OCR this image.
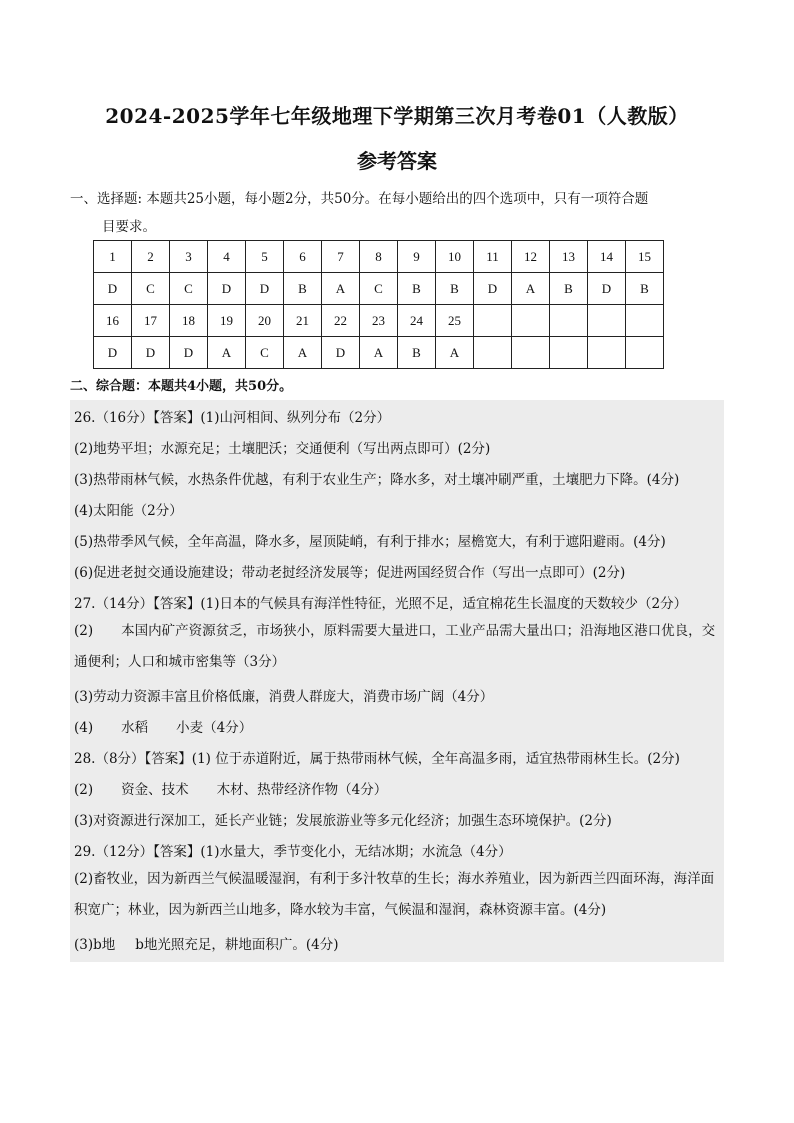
2024-2025学年七年级地理下学期第三次月考卷01（人教版）
参考答案
一、选择题: 本题共25小题，每小题2分，共50分。在每小题给出的四个选项中，只有一项符合题
目要求。
1	2	3	4	5	6	7	8	9	10	11	12	13	14	15
D	C	C	D	D	B	A	C	B	B	D	A	B	D	B
16	17	18	19	20	21	22	23	24	25					
D	D	D	A	C	A	D	A	B	A					
二、综合题：本题共4小题，共50分。
26.（16分）【答案】(1)山河相间、纵列分布（2分）
(2)地势平坦；水源充足；土壤肥沃；交通便利（写出两点即可）(2分)
(3)热带雨林气候，水热条件优越，有利于农业生产；降水多，对土壤冲刷严重，土壤肥力下降。(4分)
(4)太阳能（2分）
(5)热带季风气候，全年高温，降水多，屋顶陡峭，有利于排水；屋檐宽大，有利于遮阳避雨。(4分)
(6)促进老挝交通设施建设；带动老挝经济发展等；促进两国经贸合作（写出一点即可）(2分)
27.（14分）【答案】(1)日本的气候具有海洋性特征，光照不足，适宜棉花生长温度的天数较少（2分）
(2) 本国内矿产资源贫乏，市场狭小，原料需要大量进口，工业产品需大量出口；沿海地区港口优良，交通便利；人口和城市密集等（3分）
(3)劳动力资源丰富且价格低廉，消费人群庞大，消费市场广阔（4分）
(4) 水稻 小麦（4分）
28.（8分）【答案】(1) 位于赤道附近，属于热带雨林气候，全年高温多雨，适宜热带雨林生长。(2分)
(2) 资金、技术 木材、热带经济作物（4分）
(3)对资源进行深加工，延长产业链；发展旅游业等多元化经济；加强生态环境保护。(2分)
29.（12分）【答案】(1)水量大，季节变化小，无结冰期；水流急（4分）
(2)畜牧业，因为新西兰气候温暖湿润，有利于多汁牧草的生长；海水养殖业，因为新西兰四面环海，海洋面积宽广；林业，因为新西兰山地多，降水较为丰富，气候温和湿润，森林资源丰富。(4分)
(3)b地 b地光照充足，耕地面积广。(4分)
